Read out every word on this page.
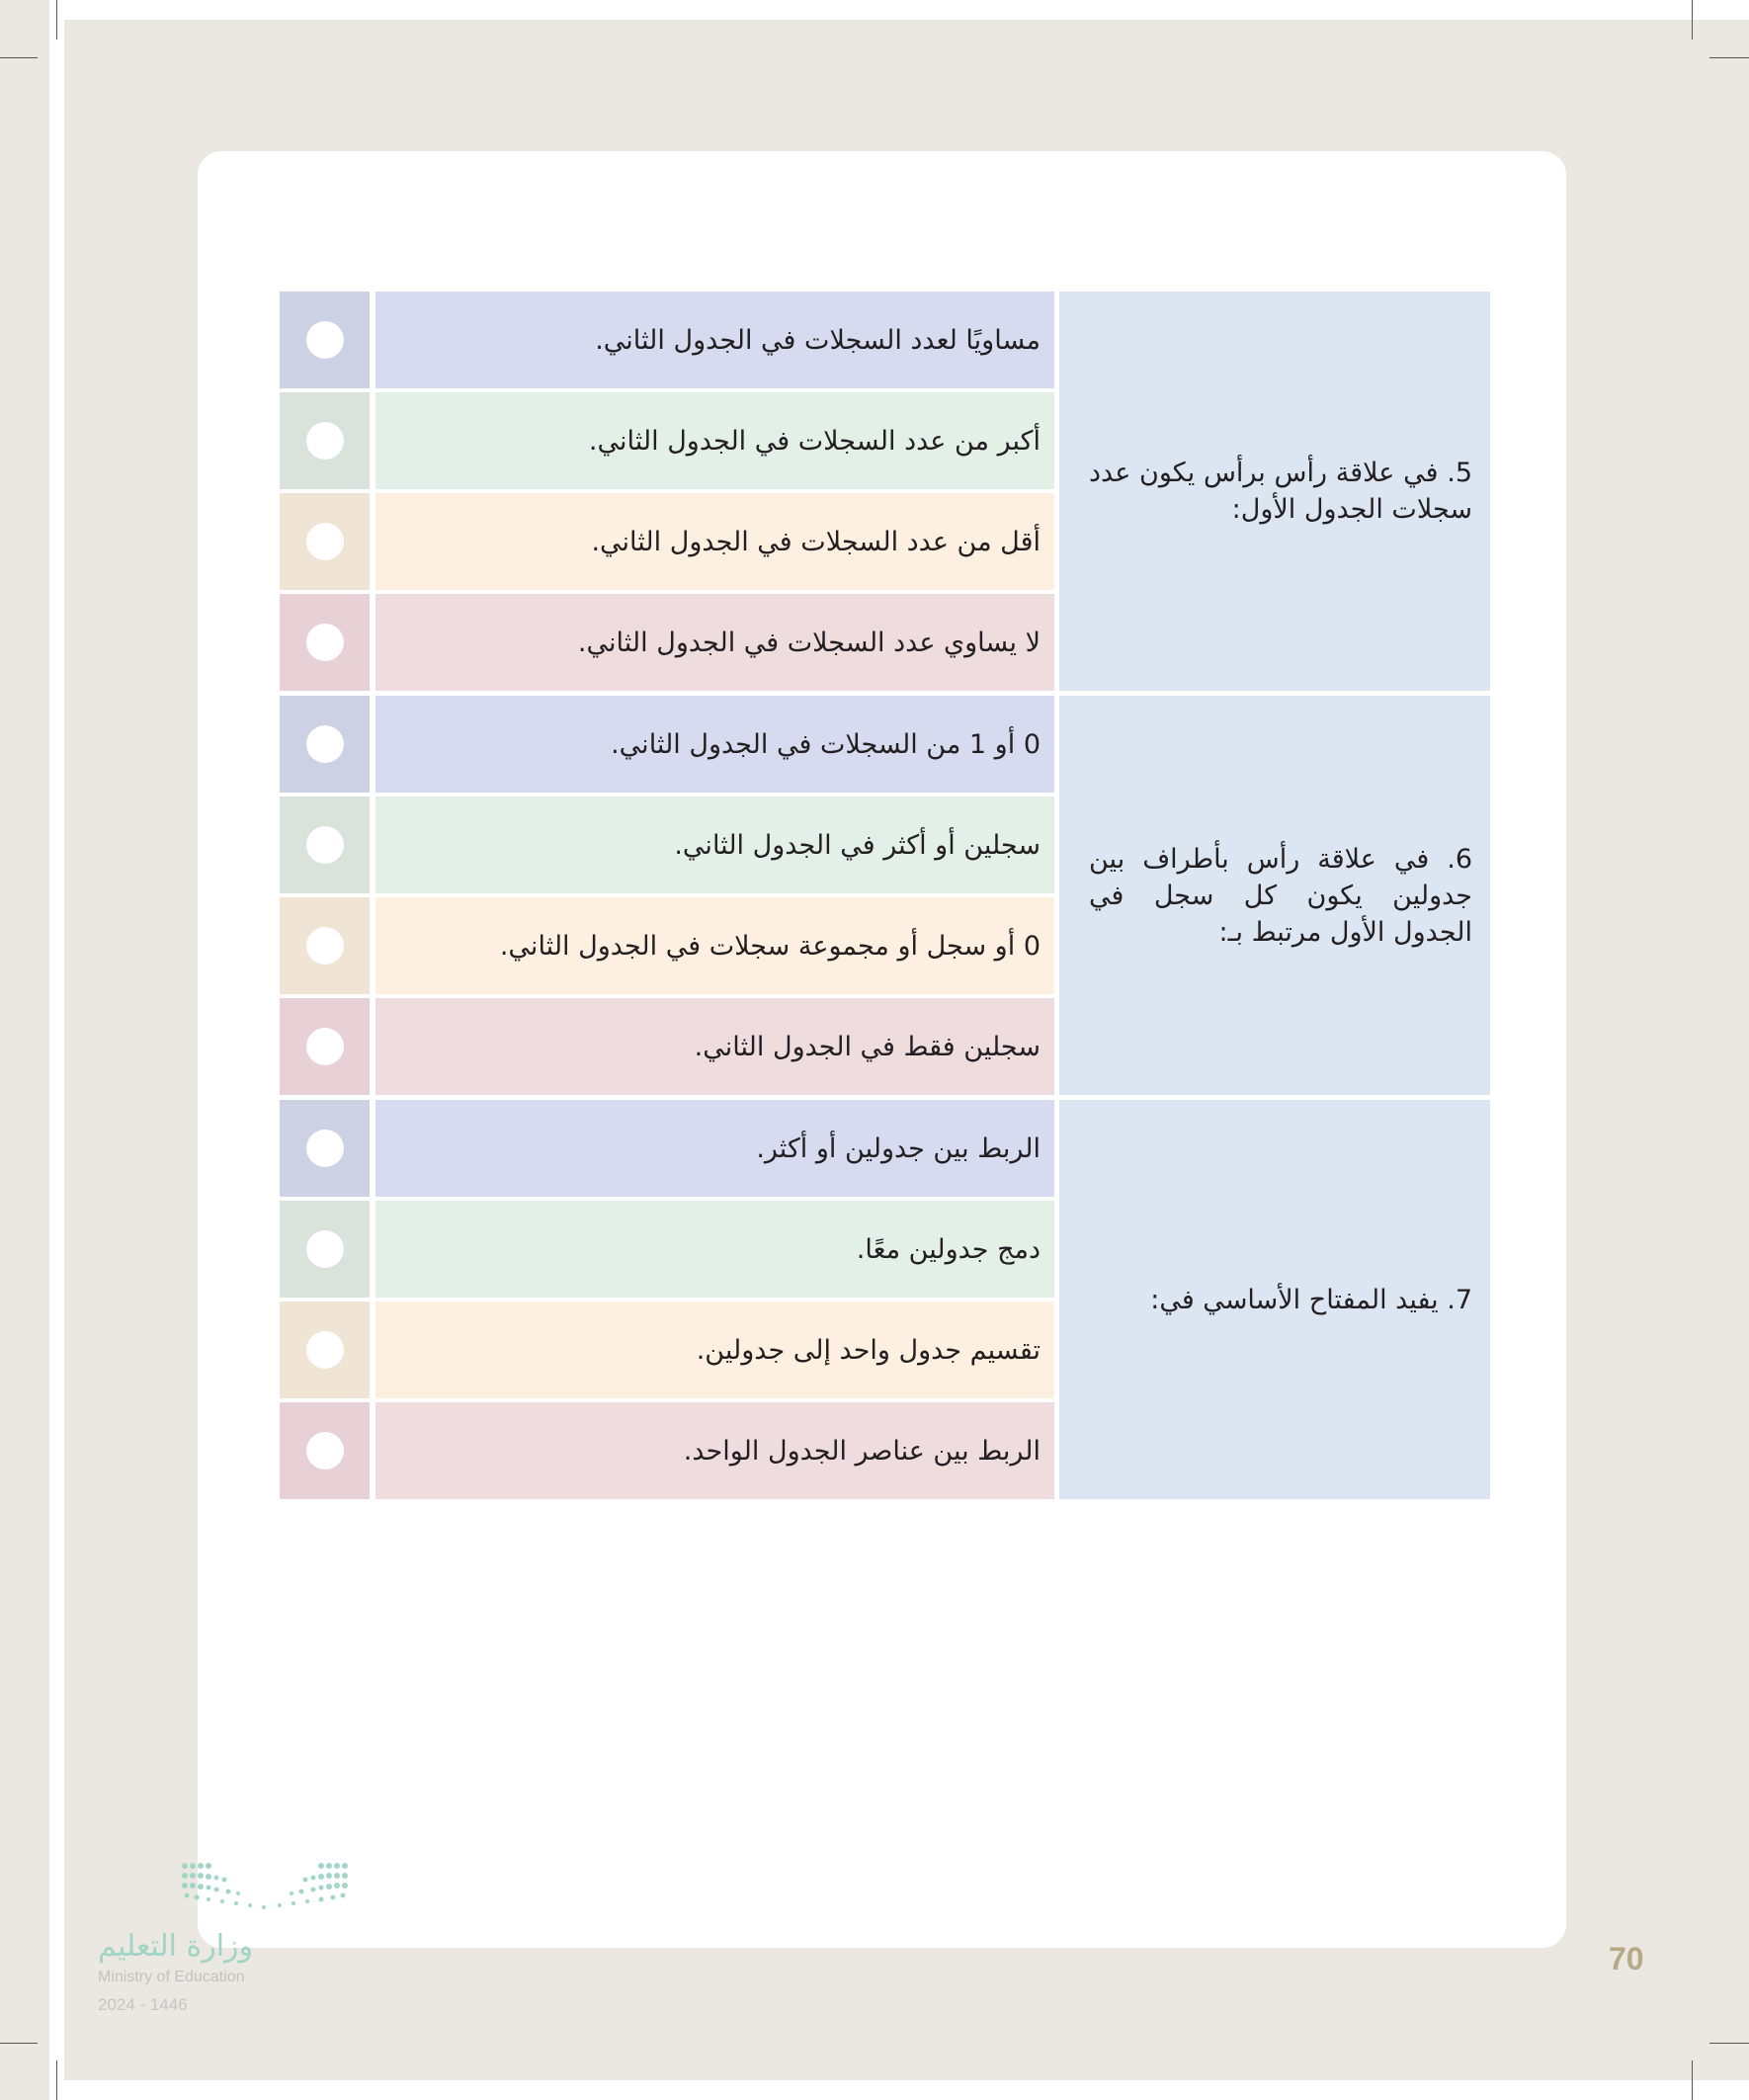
5. في علاقة رأس برأس يكون عدد سجلات الجدول الأول:
مساويًا لعدد السجلات في الجدول الثاني.
أكبر من عدد السجلات في الجدول الثاني.
أقل من عدد السجلات في الجدول الثاني.
لا يساوي عدد السجلات في الجدول الثاني.
6. في علاقة رأس بأطراف بين جدولين يكون كل سجل في الجدول الأول مرتبط بـ:
0 أو 1 من السجلات في الجدول الثاني.
سجلين أو أكثر في الجدول الثاني.
0 أو سجل أو مجموعة سجلات في الجدول الثاني.
سجلين فقط في الجدول الثاني.
7. يفيد المفتاح الأساسي في:
الربط بين جدولين أو أكثر.
دمج جدولين معًا.
تقسيم جدول واحد إلى جدولين.
الربط بين عناصر الجدول الواحد.
وزارة التعليم
Ministry of Education
2024 - 1446
70
